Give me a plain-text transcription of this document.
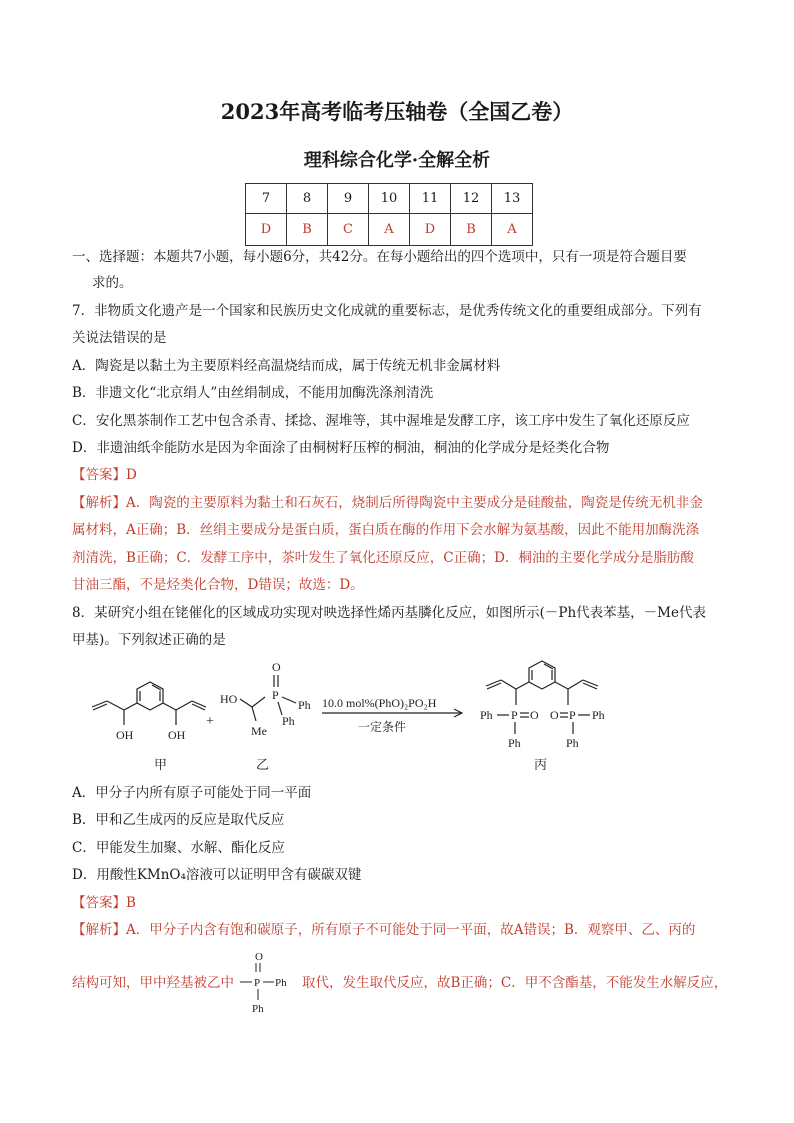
2023年高考临考压轴卷（全国乙卷）
理科综合化学·全解全析
7	8	9	10	11	12	13
D	B	C	A	D	B	A
一、选择题：本题共7小题，每小题6分，共42分。在每小题给出的四个选项中，只有一项是符合题目要
求的。
7．非物质文化遗产是一个国家和民族历史文化成就的重要标志，是优秀传统文化的重要组成部分。下列有
关说法错误的是
A．陶瓷是以黏土为主要原料经高温烧结而成，属于传统无机非金属材料
B．非遗文化“北京绢人”由丝绢制成，不能用加酶洗涤剂清洗
C．安化黑茶制作工艺中包含杀青、揉捻、渥堆等，其中渥堆是发酵工序，该工序中发生了氧化还原反应
D．非遗油纸伞能防水是因为伞面涂了由桐树籽压榨的桐油，桐油的化学成分是烃类化合物
【答案】D
【解析】A．陶瓷的主要原料为黏土和石灰石，烧制后所得陶瓷中主要成分是硅酸盐，陶瓷是传统无机非金
属材料，A正确；B．丝绢主要成分是蛋白质，蛋白质在酶的作用下会水解为氨基酸，因此不能用加酶洗涤
剂清洗，B正确；C．发酵工序中，茶叶发生了氧化还原反应，C正确；D．桐油的主要化学成分是脂肪酸
甘油三酯，不是烃类化合物，D错误；故选：D。
8．某研究小组在铑催化的区域成功实现对映选择性烯丙基膦化反应，如图所示(－Ph代表苯基，－Me代表
甲基)。下列叙述正确的是
OH	OH
甲
+
HO
Me
O
P
Ph
Ph
乙
10.0 mol%(PhO)₂PO₂H
一定条件
Ph P O
Ph
O P Ph
Ph
丙
A．甲分子内所有原子可能处于同一平面
B．甲和乙生成丙的反应是取代反应
C．甲能发生加聚、水解、酯化反应
D．用酸性KMnO₄溶液可以证明甲含有碳碳双键
【答案】B
【解析】A．甲分子内含有饱和碳原子，所有原子不可能处于同一平面，故A错误；B．观察甲、乙、丙的
结构可知，甲中羟基被乙中	取代，发生取代反应，故B正确；C．甲不含酯基，不能发生水解反应，
O
P Ph
Ph
